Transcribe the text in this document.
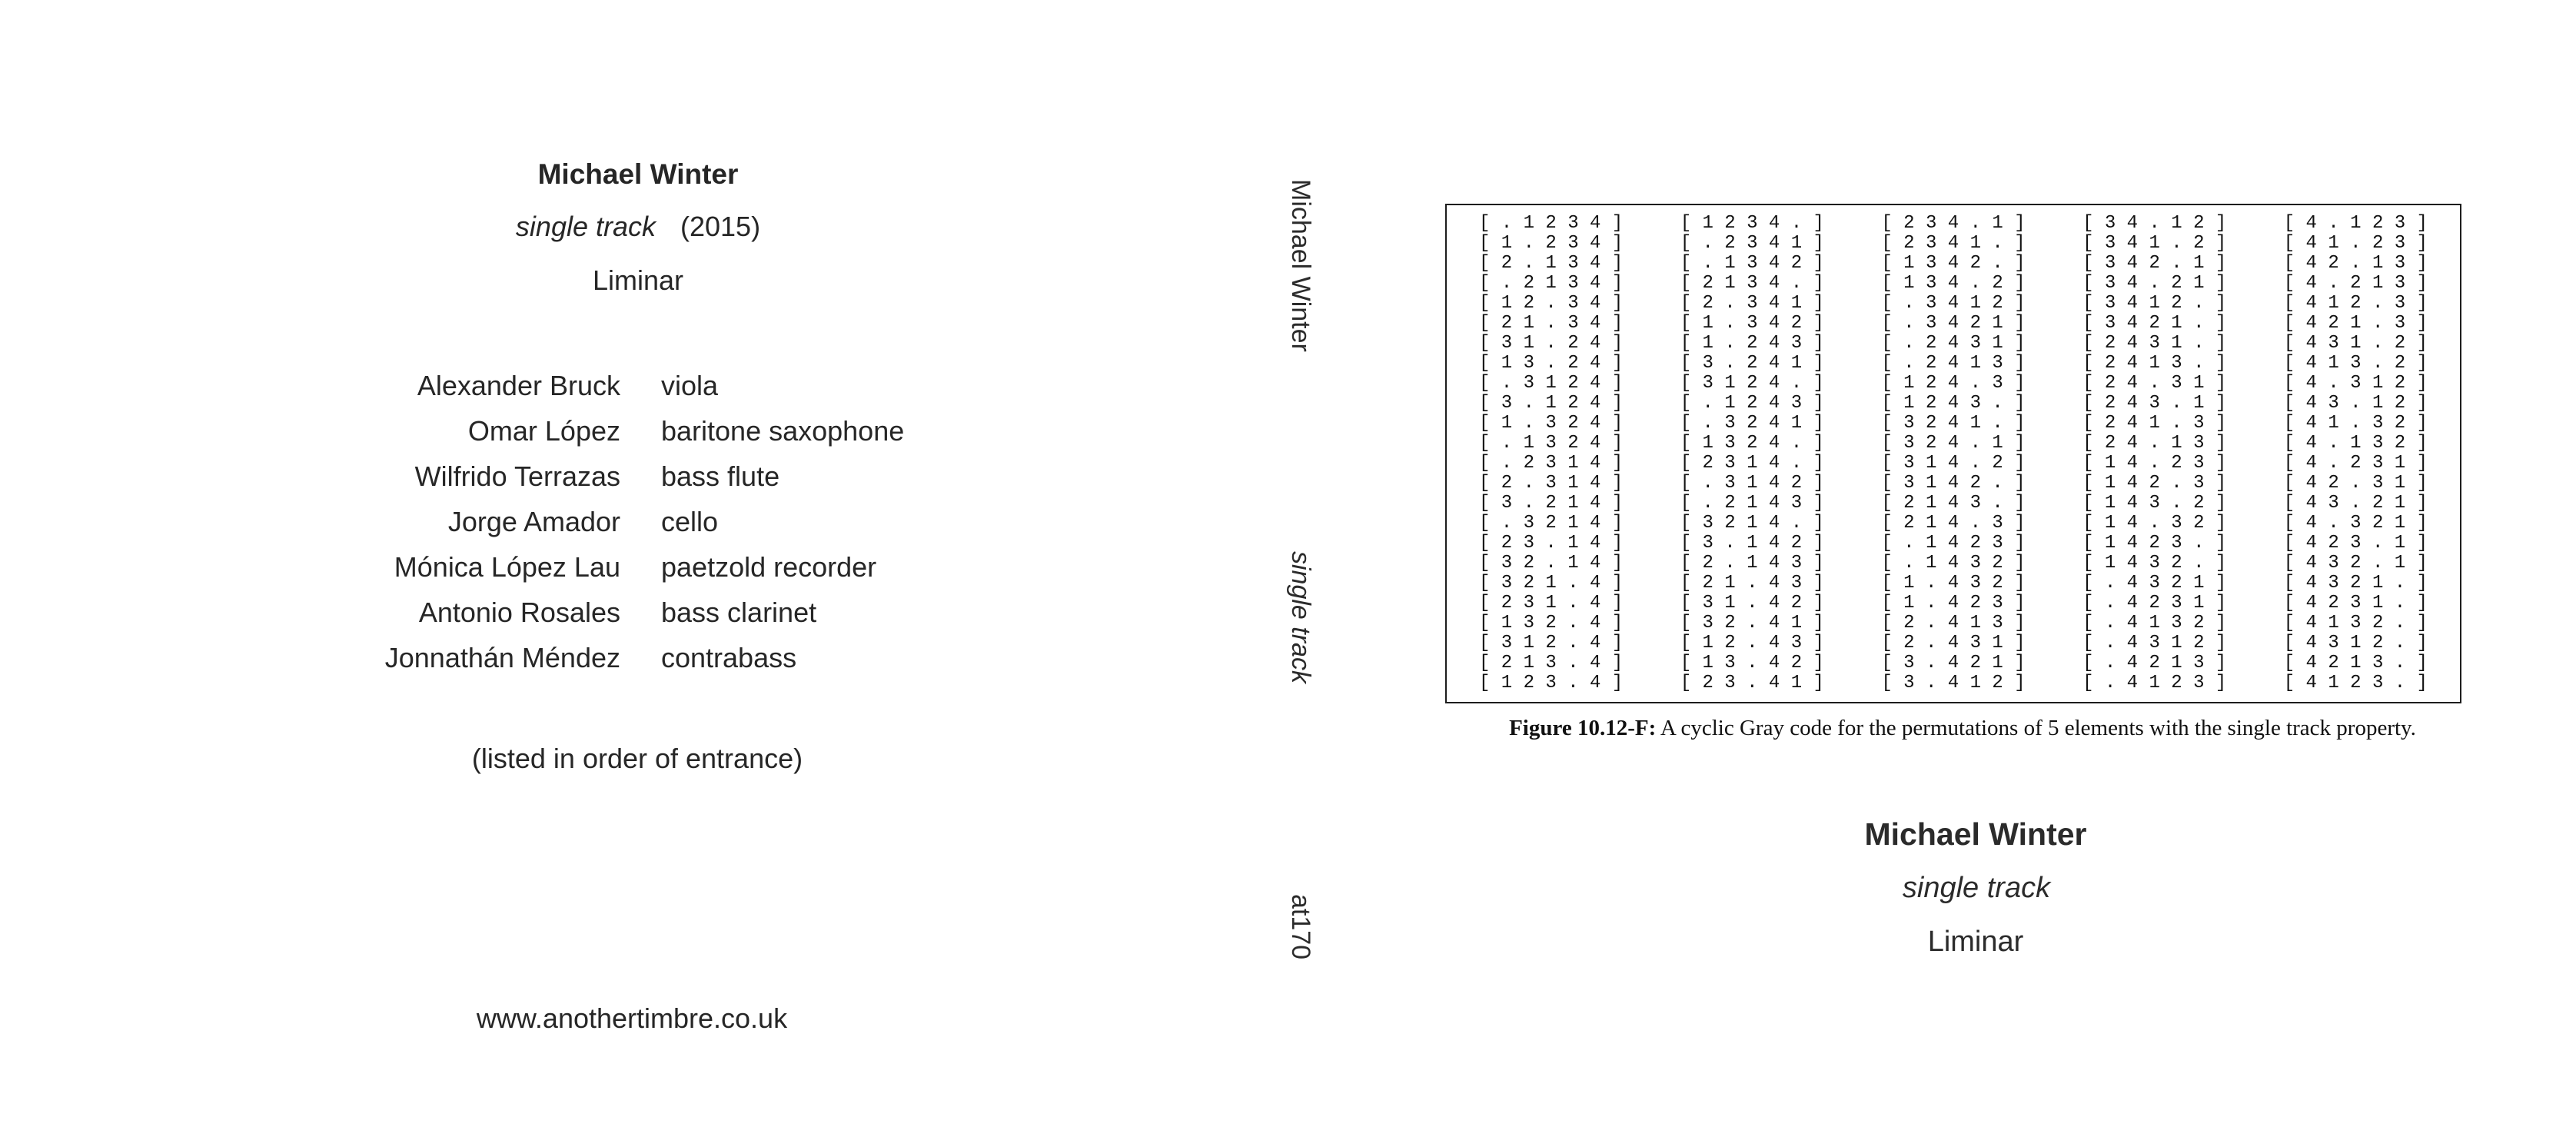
Michael Winter
single track (2015)
Liminar
Alexander Bruck
Omar López
Wilfrido Terrazas
Jorge Amador
Mónica López Lau
Antonio Rosales
Jonnathán Méndez
viola
baritone saxophone
bass flute
cello
paetzold recorder
bass clarinet
contrabass
(listed in order of entrance)
www.anothertimbre.co.uk
Michael Winter
single track
at170
[ . 1 2 3 4 ]
[ 1 . 2 3 4 ]
[ 2 . 1 3 4 ]
[ . 2 1 3 4 ]
[ 1 2 . 3 4 ]
[ 2 1 . 3 4 ]
[ 3 1 . 2 4 ]
[ 1 3 . 2 4 ]
[ . 3 1 2 4 ]
[ 3 . 1 2 4 ]
[ 1 . 3 2 4 ]
[ . 1 3 2 4 ]
[ . 2 3 1 4 ]
[ 2 . 3 1 4 ]
[ 3 . 2 1 4 ]
[ . 3 2 1 4 ]
[ 2 3 . 1 4 ]
[ 3 2 . 1 4 ]
[ 3 2 1 . 4 ]
[ 2 3 1 . 4 ]
[ 1 3 2 . 4 ]
[ 3 1 2 . 4 ]
[ 2 1 3 . 4 ]
[ 1 2 3 . 4 ]
[ 1 2 3 4 . ]
[ . 2 3 4 1 ]
[ . 1 3 4 2 ]
[ 2 1 3 4 . ]
[ 2 . 3 4 1 ]
[ 1 . 3 4 2 ]
[ 1 . 2 4 3 ]
[ 3 . 2 4 1 ]
[ 3 1 2 4 . ]
[ . 1 2 4 3 ]
[ . 3 2 4 1 ]
[ 1 3 2 4 . ]
[ 2 3 1 4 . ]
[ . 3 1 4 2 ]
[ . 2 1 4 3 ]
[ 3 2 1 4 . ]
[ 3 . 1 4 2 ]
[ 2 . 1 4 3 ]
[ 2 1 . 4 3 ]
[ 3 1 . 4 2 ]
[ 3 2 . 4 1 ]
[ 1 2 . 4 3 ]
[ 1 3 . 4 2 ]
[ 2 3 . 4 1 ]
[ 2 3 4 . 1 ]
[ 2 3 4 1 . ]
[ 1 3 4 2 . ]
[ 1 3 4 . 2 ]
[ . 3 4 1 2 ]
[ . 3 4 2 1 ]
[ . 2 4 3 1 ]
[ . 2 4 1 3 ]
[ 1 2 4 . 3 ]
[ 1 2 4 3 . ]
[ 3 2 4 1 . ]
[ 3 2 4 . 1 ]
[ 3 1 4 . 2 ]
[ 3 1 4 2 . ]
[ 2 1 4 3 . ]
[ 2 1 4 . 3 ]
[ . 1 4 2 3 ]
[ . 1 4 3 2 ]
[ 1 . 4 3 2 ]
[ 1 . 4 2 3 ]
[ 2 . 4 1 3 ]
[ 2 . 4 3 1 ]
[ 3 . 4 2 1 ]
[ 3 . 4 1 2 ]
[ 3 4 . 1 2 ]
[ 3 4 1 . 2 ]
[ 3 4 2 . 1 ]
[ 3 4 . 2 1 ]
[ 3 4 1 2 . ]
[ 3 4 2 1 . ]
[ 2 4 3 1 . ]
[ 2 4 1 3 . ]
[ 2 4 . 3 1 ]
[ 2 4 3 . 1 ]
[ 2 4 1 . 3 ]
[ 2 4 . 1 3 ]
[ 1 4 . 2 3 ]
[ 1 4 2 . 3 ]
[ 1 4 3 . 2 ]
[ 1 4 . 3 2 ]
[ 1 4 2 3 . ]
[ 1 4 3 2 . ]
[ . 4 3 2 1 ]
[ . 4 2 3 1 ]
[ . 4 1 3 2 ]
[ . 4 3 1 2 ]
[ . 4 2 1 3 ]
[ . 4 1 2 3 ]
[ 4 . 1 2 3 ]
[ 4 1 . 2 3 ]
[ 4 2 . 1 3 ]
[ 4 . 2 1 3 ]
[ 4 1 2 . 3 ]
[ 4 2 1 . 3 ]
[ 4 3 1 . 2 ]
[ 4 1 3 . 2 ]
[ 4 . 3 1 2 ]
[ 4 3 . 1 2 ]
[ 4 1 . 3 2 ]
[ 4 . 1 3 2 ]
[ 4 . 2 3 1 ]
[ 4 2 . 3 1 ]
[ 4 3 . 2 1 ]
[ 4 . 3 2 1 ]
[ 4 2 3 . 1 ]
[ 4 3 2 . 1 ]
[ 4 3 2 1 . ]
[ 4 2 3 1 . ]
[ 4 1 3 2 . ]
[ 4 3 1 2 . ]
[ 4 2 1 3 . ]
[ 4 1 2 3 . ]
Figure 10.12-F: A cyclic Gray code for the permutations of 5 elements with the single track property.
Michael Winter
single track
Liminar
